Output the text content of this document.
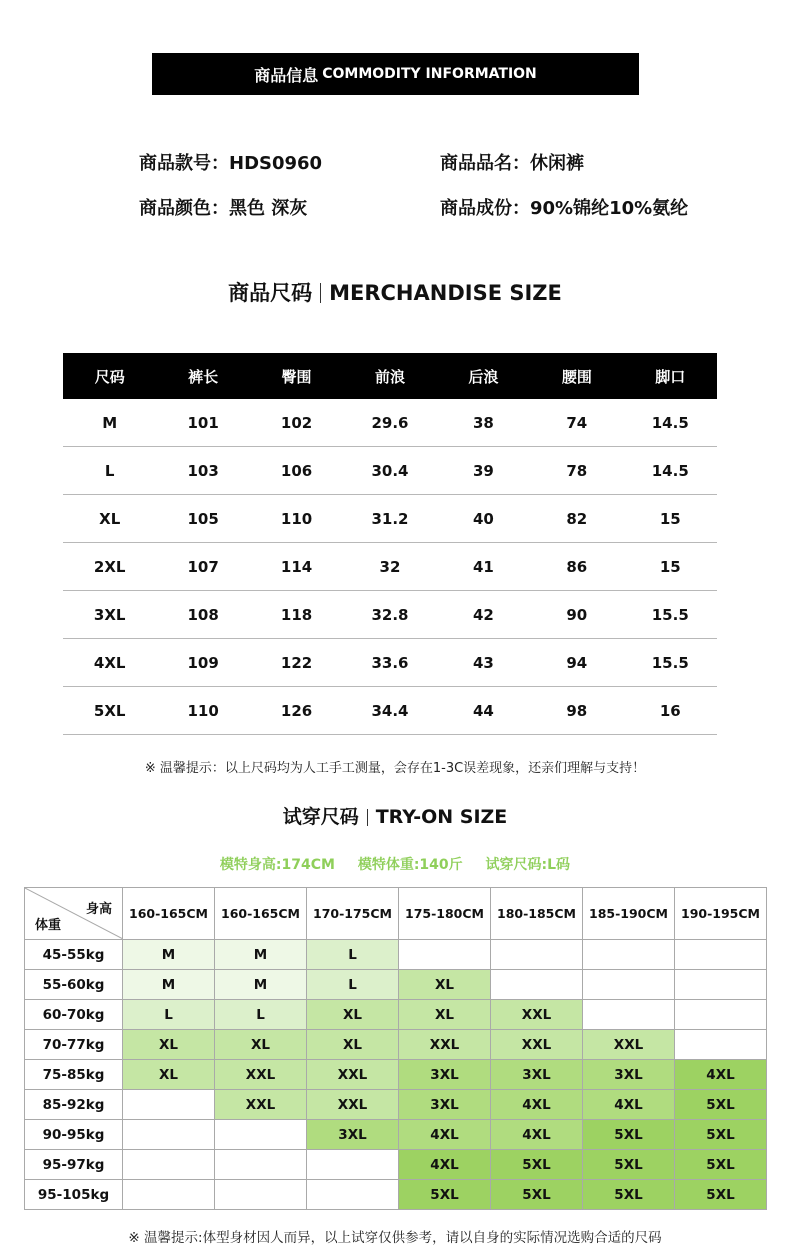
商品信息 COMMODITY INFORMATION
商品款号：HDS0960	商品品名：休闲裤
商品颜色：黑色 深灰	商品成份：90%锦纶10%氨纶
商品尺码 MERCHANDISE SIZE
尺码	裤长	臀围	前浪	后浪	腰围	脚口
M	101	102	29.6	38	74	14.5
L	103	106	30.4	39	78	14.5
XL	105	110	31.2	40	82	15
2XL	107	114	32	41	86	15
3XL	108	118	32.8	42	90	15.5
4XL	109	122	33.6	43	94	15.5
5XL	110	126	34.4	44	98	16
※ 温馨提示：以上尺码均为人工手工测量，会存在1-3C误差现象，还亲们理解与支持！
试穿尺码 TRY-ON SIZE
模特身高:174CM 模特体重:140斤 试穿尺码:L码
身高
体重	160-165CM	160-165CM	170-175CM	175-180CM	180-185CM	185-190CM	190-195CM
45-55kg	M	M	L				
55-60kg	M	M	L	XL			
60-70kg	L	L	XL	XL	XXL		
70-77kg	XL	XL	XL	XXL	XXL	XXL	
75-85kg	XL	XXL	XXL	3XL	3XL	3XL	4XL
85-92kg		XXL	XXL	3XL	4XL	4XL	5XL
90-95kg			3XL	4XL	4XL	5XL	5XL
95-97kg				4XL	5XL	5XL	5XL
95-105kg				5XL	5XL	5XL	5XL
※ 温馨提示:体型身材因人而异，以上试穿仅供参考，请以自身的实际情况选购合适的尺码
